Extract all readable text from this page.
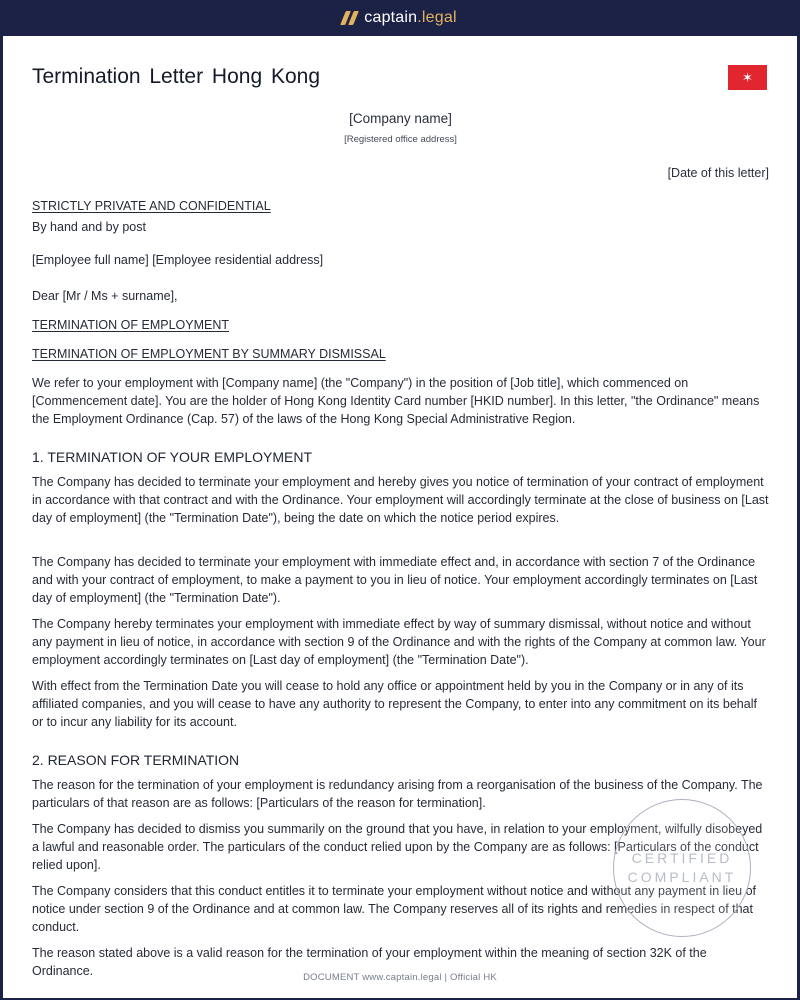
captain.legal
Termination Letter Hong Kong
[Company name]
[Registered office address]
[Date of this letter]
STRICTLY PRIVATE AND CONFIDENTIAL
By hand and by post
[Employee full name] [Employee residential address]
Dear [Mr / Ms + surname],
TERMINATION OF EMPLOYMENT
TERMINATION OF EMPLOYMENT BY SUMMARY DISMISSAL
We refer to your employment with [Company name] (the "Company") in the position of [Job title], which commenced on [Commencement date]. You are the holder of Hong Kong Identity Card number [HKID number]. In this letter, "the Ordinance" means the Employment Ordinance (Cap. 57) of the laws of the Hong Kong Special Administrative Region.
1. TERMINATION OF YOUR EMPLOYMENT
The Company has decided to terminate your employment and hereby gives you notice of termination of your contract of employment in accordance with that contract and with the Ordinance. Your employment will accordingly terminate at the close of business on [Last day of employment] (the "Termination Date"), being the date on which the notice period expires.
The Company has decided to terminate your employment with immediate effect and, in accordance with section 7 of the Ordinance and with your contract of employment, to make a payment to you in lieu of notice. Your employment accordingly terminates on [Last day of employment] (the "Termination Date").
The Company hereby terminates your employment with immediate effect by way of summary dismissal, without notice and without any payment in lieu of notice, in accordance with section 9 of the Ordinance and with the rights of the Company at common law. Your employment accordingly terminates on [Last day of employment] (the "Termination Date").
With effect from the Termination Date you will cease to hold any office or appointment held by you in the Company or in any of its affiliated companies, and you will cease to have any authority to represent the Company, to enter into any commitment on its behalf or to incur any liability for its account.
2. REASON FOR TERMINATION
The reason for the termination of your employment is redundancy arising from a reorganisation of the business of the Company. The particulars of that reason are as follows: [Particulars of the reason for termination].
The Company has decided to dismiss you summarily on the ground that you have, in relation to your employment, wilfully disobeyed a lawful and reasonable order. The particulars of the conduct relied upon by the Company are as follows: [Particulars of the conduct relied upon].
The Company considers that this conduct entitles it to terminate your employment without notice and without any payment in lieu of notice under section 9 of the Ordinance and at common law. The Company reserves all of its rights and remedies in respect of that conduct.
The reason stated above is a valid reason for the termination of your employment within the meaning of section 32K of the Ordinance.
✶
CERTIFIED
COMPLIANT
DOCUMENT www.captain.legal | Official HK
